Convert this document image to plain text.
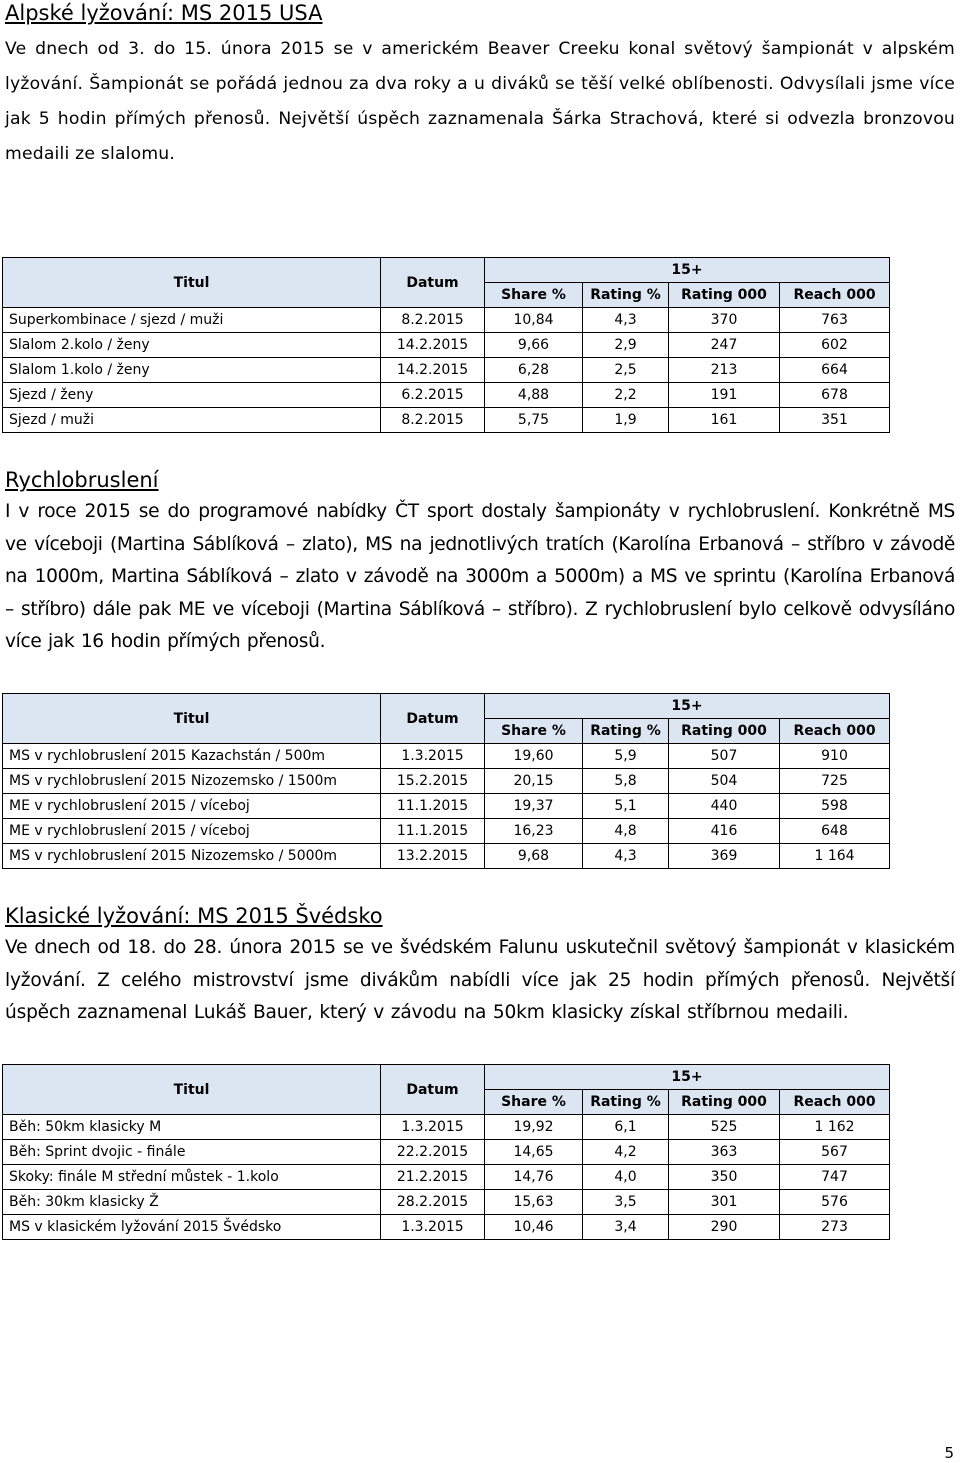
Alpské lyžování: MS 2015 USA

Ve dnech od 3. do 15. února 2015 se v americkém Beaver Creeku konal světový šampionát v alpském lyžování. Šampionát se pořádá jednou za dva roky a u diváků se těší velké oblíbenosti. Odvysílali jsme více jak 5 hodin přímých přenosů. Největší úspěch zaznamenala Šárka Strachová, které si odvezla bronzovou medaili ze slalomu.

Titul	Datum	15+			
		Share %	Rating %	Rating 000	Reach 000
Superkombinace / sjezd / muži	8.2.2015	10,84	4,3	370	763
Slalom 2.kolo / ženy	14.2.2015	9,66	2,9	247	602
Slalom 1.kolo / ženy	14.2.2015	6,28	2,5	213	664
Sjezd / ženy	6.2.2015	4,88	2,2	191	678
Sjezd / muži	8.2.2015	5,75	1,9	161	351
Rychlobruslení

I v roce 2015 se do programové nabídky ČT sport dostaly šampionáty v rychlobruslení. Konkrétně MS ve víceboji (Martina Sáblíková – zlato), MS na jednotlivých tratích (Karolína Erbanová – stříbro v závodě na 1000m, Martina Sáblíková – zlato v závodě na 3000m a 5000m) a MS ve sprintu (Karolína Erbanová – stříbro) dále pak ME ve víceboji (Martina Sáblíková – stříbro). Z rychlobruslení bylo celkově odvysíláno více jak 16 hodin přímých přenosů.

Titul	Datum	15+			
		Share %	Rating %	Rating 000	Reach 000
MS v rychlobruslení 2015 Kazachstán / 500m	1.3.2015	19,60	5,9	507	910
MS v rychlobruslení 2015 Nizozemsko / 1500m	15.2.2015	20,15	5,8	504	725
ME v rychlobruslení 2015 / víceboj	11.1.2015	19,37	5,1	440	598
ME v rychlobruslení 2015 / víceboj	11.1.2015	16,23	4,8	416	648
MS v rychlobruslení 2015 Nizozemsko / 5000m	13.2.2015	9,68	4,3	369	1 164
Klasické lyžování: MS 2015 Švédsko

Ve dnech od 18. do 28. února 2015 se ve švédském Falunu uskutečnil světový šampionát v klasickém lyžování. Z celého mistrovství jsme divákům nabídli více jak 25 hodin přímých přenosů. Největší úspěch zaznamenal Lukáš Bauer, který v závodu na 50km klasicky získal stříbrnou medaili.

Titul	Datum	15+			
		Share %	Rating %	Rating 000	Reach 000
Běh: 50km klasicky M	1.3.2015	19,92	6,1	525	1 162
Běh: Sprint dvojic - finále	22.2.2015	14,65	4,2	363	567
Skoky: finále M střední můstek - 1.kolo	21.2.2015	14,76	4,0	350	747
Běh: 30km klasicky Ž	28.2.2015	15,63	3,5	301	576
MS v klasickém lyžování 2015 Švédsko	1.3.2015	10,46	3,4	290	273
5
